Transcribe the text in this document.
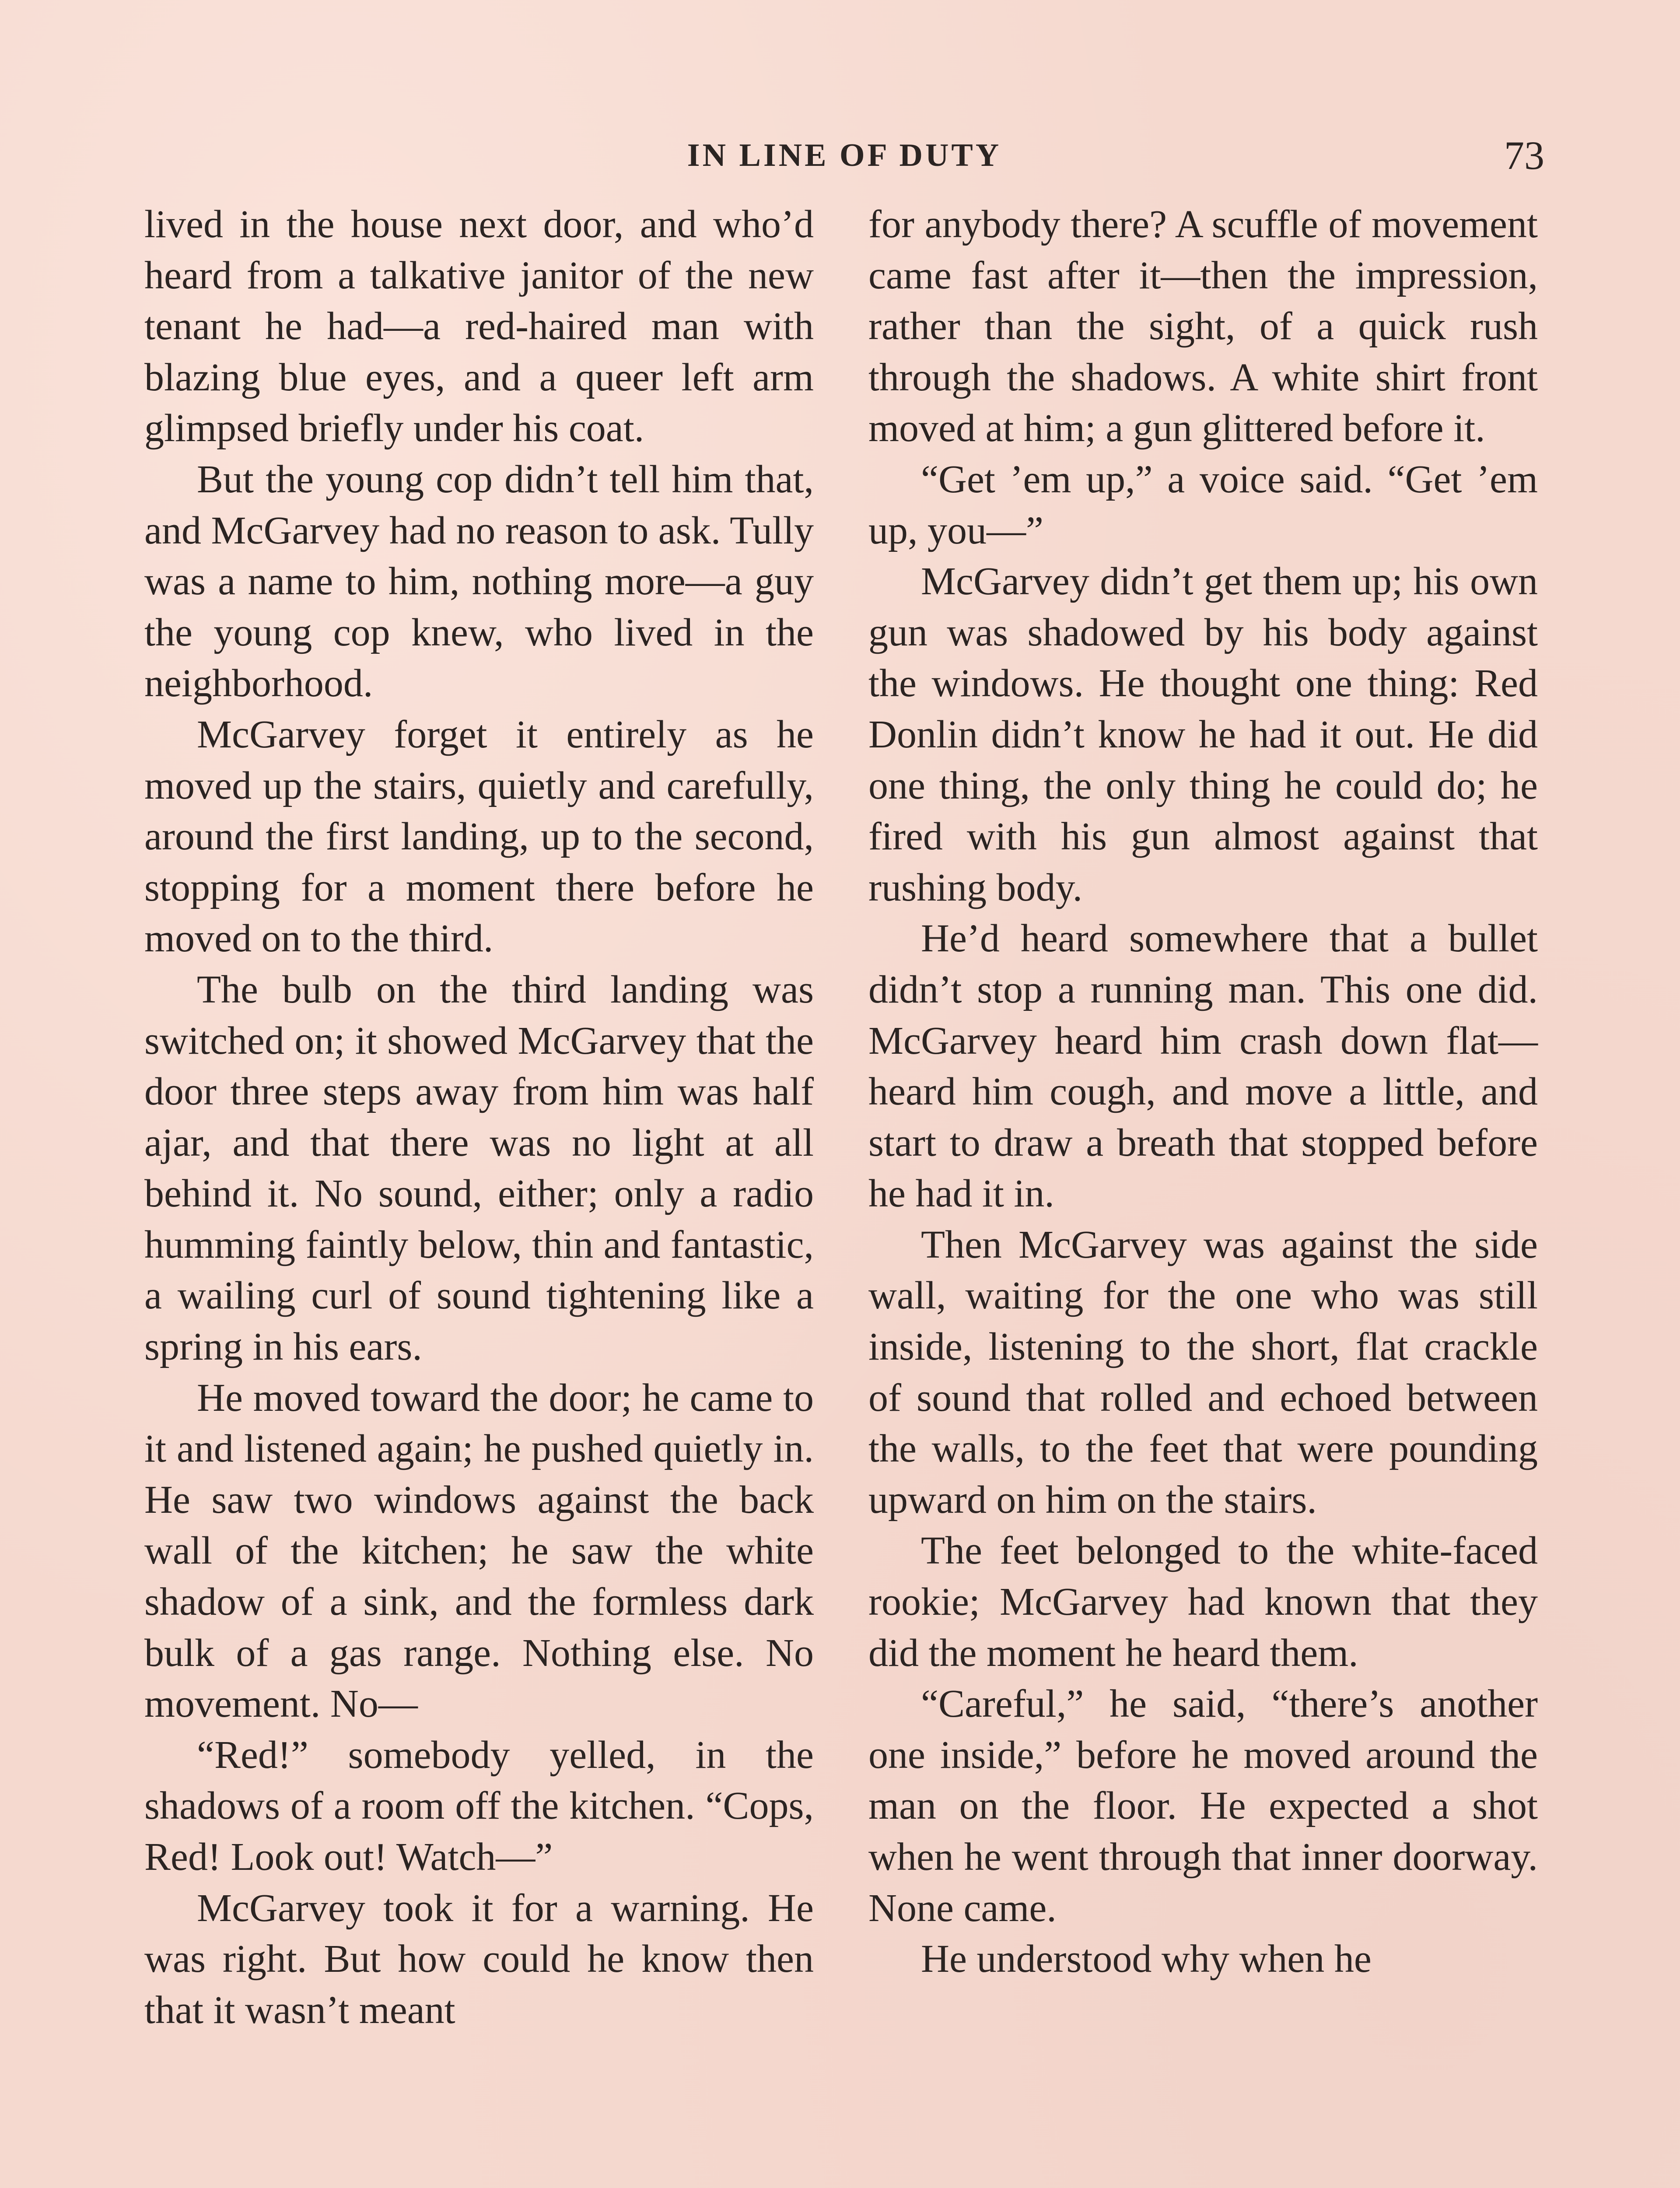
IN LINE OF DUTY	73

lived in the house next door, and who’d heard from a talkative janitor of the new tenant he had—a red-haired man with blazing blue eyes, and a queer left arm glimpsed briefly under his coat.

But the young cop didn’t tell him that, and McGarvey had no reason to ask. Tully was a name to him, nothing more—a guy the young cop knew, who lived in the neighborhood.

McGarvey forget it entirely as he moved up the stairs, quietly and carefully, around the first landing, up to the second, stopping for a moment there before he moved on to the third.

The bulb on the third landing was switched on; it showed McGarvey that the door three steps away from him was half ajar, and that there was no light at all behind it. No sound, either; only a radio humming faintly below, thin and fantastic, a wailing curl of sound tightening like a spring in his ears.

He moved toward the door; he came to it and listened again; he pushed quietly in. He saw two windows against the back wall of the kitchen; he saw the white shadow of a sink, and the formless dark bulk of a gas range. Nothing else. No movement. No—

“Red!” somebody yelled, in the shadows of a room off the kitchen. “Cops, Red! Look out! Watch—”

McGarvey took it for a warning. He was right. But how could he know then that it wasn’t meant

for anybody there? A scuffle of movement came fast after it—then the impression, rather than the sight, of a quick rush through the shadows. A white shirt front moved at him; a gun glittered before it.

“Get ’em up,” a voice said. “Get ’em up, you—”

McGarvey didn’t get them up; his own gun was shadowed by his body against the windows. He thought one thing: Red Donlin didn’t know he had it out. He did one thing, the only thing he could do; he fired with his gun almost against that rushing body.

He’d heard somewhere that a bullet didn’t stop a running man. This one did. McGarvey heard him crash down flat—heard him cough, and move a little, and start to draw a breath that stopped before he had it in.

Then McGarvey was against the side wall, waiting for the one who was still inside, listening to the short, flat crackle of sound that rolled and echoed between the walls, to the feet that were pounding upward on him on the stairs.

The feet belonged to the white-faced rookie; McGarvey had known that they did the moment he heard them.

“Careful,” he said, “there’s another one inside,” before he moved around the man on the floor. He expected a shot when he went through that inner doorway. None came.

He understood why when he
